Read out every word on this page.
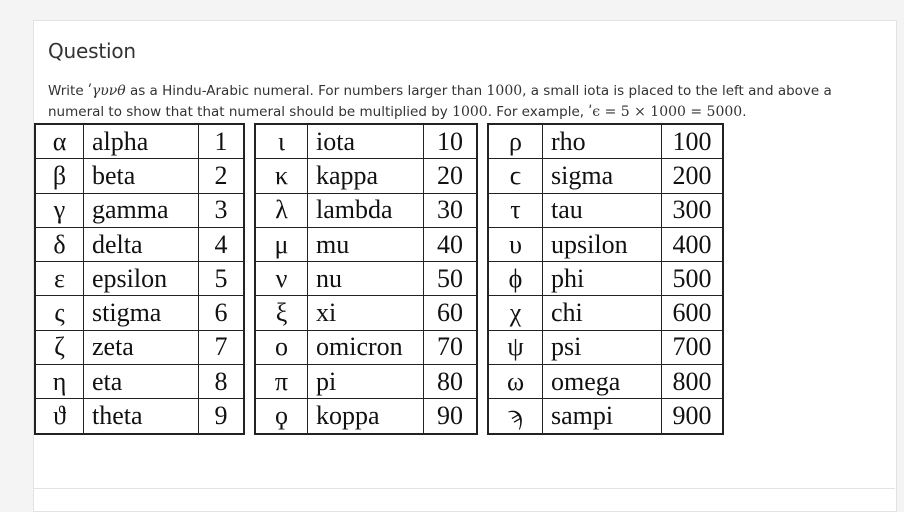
Question

Write ʹγυνθ as a Hindu-Arabic numeral. For numbers larger than 1000, a small iota is placed to the left and above a numeral to show that that numeral should be multiplied by 1000. For example, ʹϵ = 5 × 1000 = 5000.

α	alpha	1
β	beta	2
γ	gamma	3
δ	delta	4
ε	epsilon	5
ς	stigma	6
ζ	zeta	7
η	eta	8
ϑ	theta	9
ι	iota	10
κ	kappa	20
λ	lambda	30
μ	mu	40
ν	nu	50
ξ	xi	60
ο	omicron	70
π	pi	80
ϙ	koppa	90
ρ	rho	100
ϲ	sigma	200
τ	tau	300
υ	upsilon	400
ϕ	phi	500
χ	chi	600
ψ	psi	700
ω	omega	800
ϡ	sampi	900
